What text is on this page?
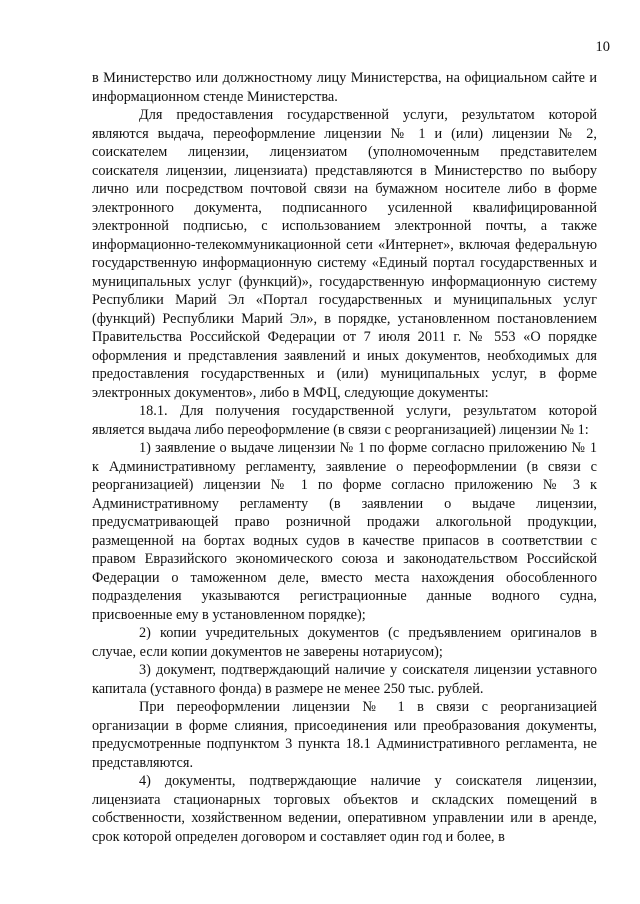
10

в Министерство или должностному лицу Министерства, на официальном сайте и информационном стенде Министерства.

Для предоставления государственной услуги, результатом которой являются выдача, переоформление лицензии № 1 и (или) лицензии № 2, соискателем лицензии, лицензиатом (уполномоченным представителем соискателя лицензии, лицензиата) представляются в Министерство по выбору лично или посредством почтовой связи на бумажном носителе либо в форме электронного документа, подписанного усиленной квалифицированной электронной подписью, с использованием электронной почты, а также информационно-телекоммуникационной сети «Интернет», включая федеральную государственную информационную систему «Единый портал государственных и муниципальных услуг (функций)», государственную информационную систему Республики Марий Эл «Портал государственных и муниципальных услуг (функций) Республики Марий Эл», в порядке, установленном постановлением Правительства Российской Федерации от 7 июля 2011 г. № 553 «О порядке оформления и представления заявлений и иных документов, необходимых для предоставления государственных и (или) муниципальных услуг, в форме электронных документов», либо в МФЦ, следующие документы:

18.1. Для получения государственной услуги, результатом которой является выдача либо переоформление (в связи с реорганизацией) лицензии № 1:

1) заявление о выдаче лицензии № 1 по форме согласно приложению № 1 к Административному регламенту, заявление о переоформлении (в связи с реорганизацией) лицензии № 1 по форме согласно приложению № 3 к Административному регламенту (в заявлении о выдаче лицензии, предусматривающей право розничной продажи алкогольной продукции, размещенной на бортах водных судов в качестве припасов в соответствии с правом Евразийского экономического союза и законодательством Российской Федерации о таможенном деле, вместо места нахождения обособленного подразделения указываются регистрационные данные водного судна, присвоенные ему в установленном порядке);

2) копии учредительных документов (с предъявлением оригиналов в случае, если копии документов не заверены нотариусом);

3) документ, подтверждающий наличие у соискателя лицензии уставного капитала (уставного фонда) в размере не менее 250 тыс. рублей.

При переоформлении лицензии № 1 в связи с реорганизацией организации в форме слияния, присоединения или преобразования документы, предусмотренные подпунктом 3 пункта 18.1 Административного регламента, не представляются.

4) документы, подтверждающие наличие у соискателя лицензии, лицензиата стационарных торговых объектов и складских помещений в собственности, хозяйственном ведении, оперативном управлении или в аренде, срок которой определен договором и составляет один год и более, в
